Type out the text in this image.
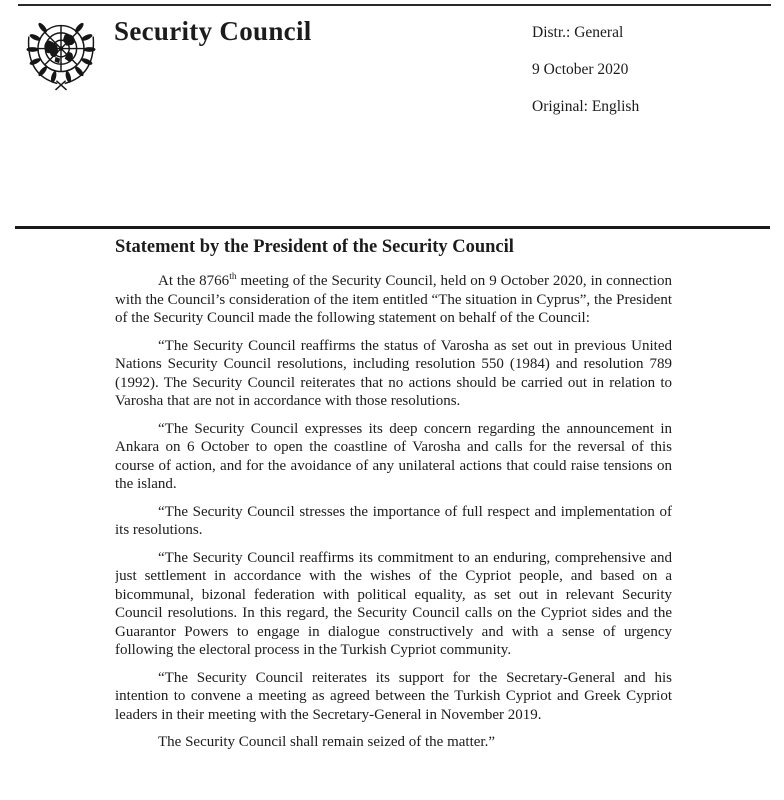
Security Council	Distr.: General
9 October 2020
Original: English
Statement by the President of the Security Council

At the 8766th meeting of the Security Council, held on 9 October 2020, in connection with the Council’s consideration of the item entitled “The situation in Cyprus”, the President of the Security Council made the following statement on behalf of the Council:

“The Security Council reaffirms the status of Varosha as set out in previous United Nations Security Council resolutions, including resolution 550 (1984) and resolution 789 (1992). The Security Council reiterates that no actions should be carried out in relation to Varosha that are not in accordance with those resolutions.

“The Security Council expresses its deep concern regarding the announcement in Ankara on 6 October to open the coastline of Varosha and calls for the reversal of this course of action, and for the avoidance of any unilateral actions that could raise tensions on the island.

“The Security Council stresses the importance of full respect and implementation of its resolutions.

“The Security Council reaffirms its commitment to an enduring, comprehensive and just settlement in accordance with the wishes of the Cypriot people, and based on a bicommunal, bizonal federation with political equality, as set out in relevant Security Council resolutions. In this regard, the Security Council calls on the Cypriot sides and the Guarantor Powers to engage in dialogue constructively and with a sense of urgency following the electoral process in the Turkish Cypriot community.

“The Security Council reiterates its support for the Secretary-General and his intention to convene a meeting as agreed between the Turkish Cypriot and Greek Cypriot leaders in their meeting with the Secretary-General in November 2019.

The Security Council shall remain seized of the matter.”
